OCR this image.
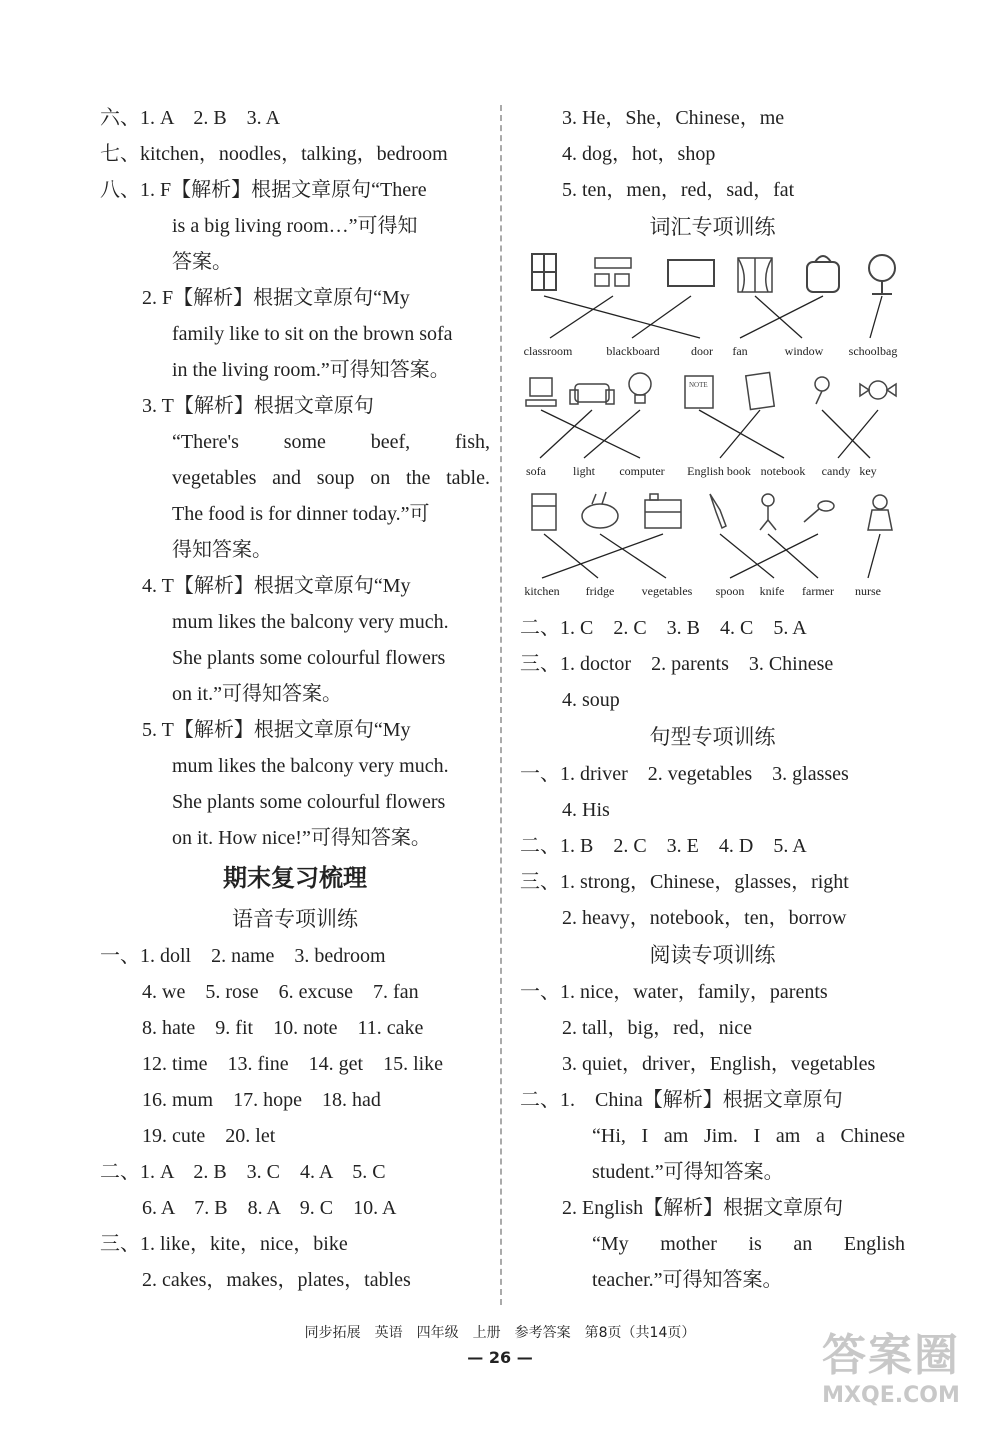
六、1. A　2. B　3. A
七、kitchen，noodles，talking，bedroom
八、1. F【解析】根据文章原句“There
is a big living room…”可得知
答案。
2. F【解析】根据文章原句“My
family like to sit on the brown sofa
in the living room.”可得知答案。
3. T【解析】根据文章原句
“There's some beef, fish,
vegetables and soup on the table.
The food is for dinner today.”可
得知答案。
4. T【解析】根据文章原句“My
mum likes the balcony very much.
She plants some colourful flowers
on it.”可得知答案。
5. T【解析】根据文章原句“My
mum likes the balcony very much.
She plants some colourful flowers
on it. How nice!”可得知答案。
期末复习梳理
语音专项训练
一、1. doll　2. name　3. bedroom
4. we　5. rose　6. excuse　7. fan
8. hate　9. fit　10. note　11. cake
12. time　13. fine　14. get　15. like
16. mum　17. hope　18. had
19. cute　20. let
二、1. A　2. B　3. C　4. A　5. C
6. A　7. B　8. A　9. C　10. A
三、1. like，kite，nice，bike
2. cakes，makes，plates，tables
3. He，She，Chinese，me
4. dog，hot，shop
5. ten，men，red，sad，fat
词汇专项训练
classroom	blackboard	door fan	window schoolbag
NOTE
sofa light computer English book notebook candy key
kitchen fridge vegetables spoon knife farmer nurse
二、1. C　2. C　3. B　4. C　5. A
三、1. doctor　2. parents　3. Chinese
4. soup
句型专项训练
一、1. driver　2. vegetables　3. glasses
4. His
二、1. B　2. C　3. E　4. D　5. A
三、1. strong，Chinese，glasses，right
2. heavy，notebook，ten，borrow
阅读专项训练
一、1. nice，water，family，parents
2. tall，big，red，nice
3. quiet，driver，English，vegetables
二、1.　China【解析】根据文章原句
“Hi, I am Jim. I am a Chinese
student.”可得知答案。
2. English【解析】根据文章原句
“My mother is an English
teacher.”可得知答案。
同步拓展　英语　四年级　上册　参考答案　第8页（共14页）
— 26 —	答案圈
MXQE.COM
